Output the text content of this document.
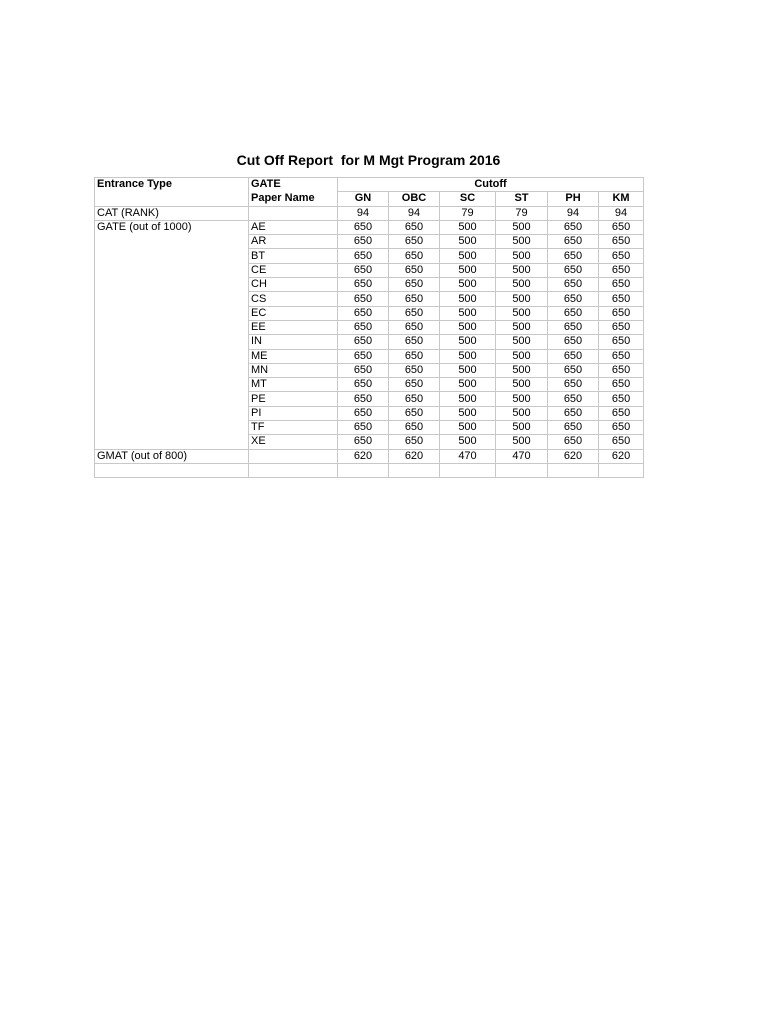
Cut Off Report  for M Mgt Program 2016
Entrance Type	GATE	Cutoff					
	Paper Name	GN	OBC	SC	ST	PH	KM
CAT (RANK)		94	94	79	79	94	94
GATE (out of 1000)	AE	650	650	500	500	650	650
	AR	650	650	500	500	650	650
	BT	650	650	500	500	650	650
	CE	650	650	500	500	650	650
	CH	650	650	500	500	650	650
	CS	650	650	500	500	650	650
	EC	650	650	500	500	650	650
	EE	650	650	500	500	650	650
	IN	650	650	500	500	650	650
	ME	650	650	500	500	650	650
	MN	650	650	500	500	650	650
	MT	650	650	500	500	650	650
	PE	650	650	500	500	650	650
	PI	650	650	500	500	650	650
	TF	650	650	500	500	650	650
	XE	650	650	500	500	650	650
GMAT (out of 800)		620	620	470	470	620	620
